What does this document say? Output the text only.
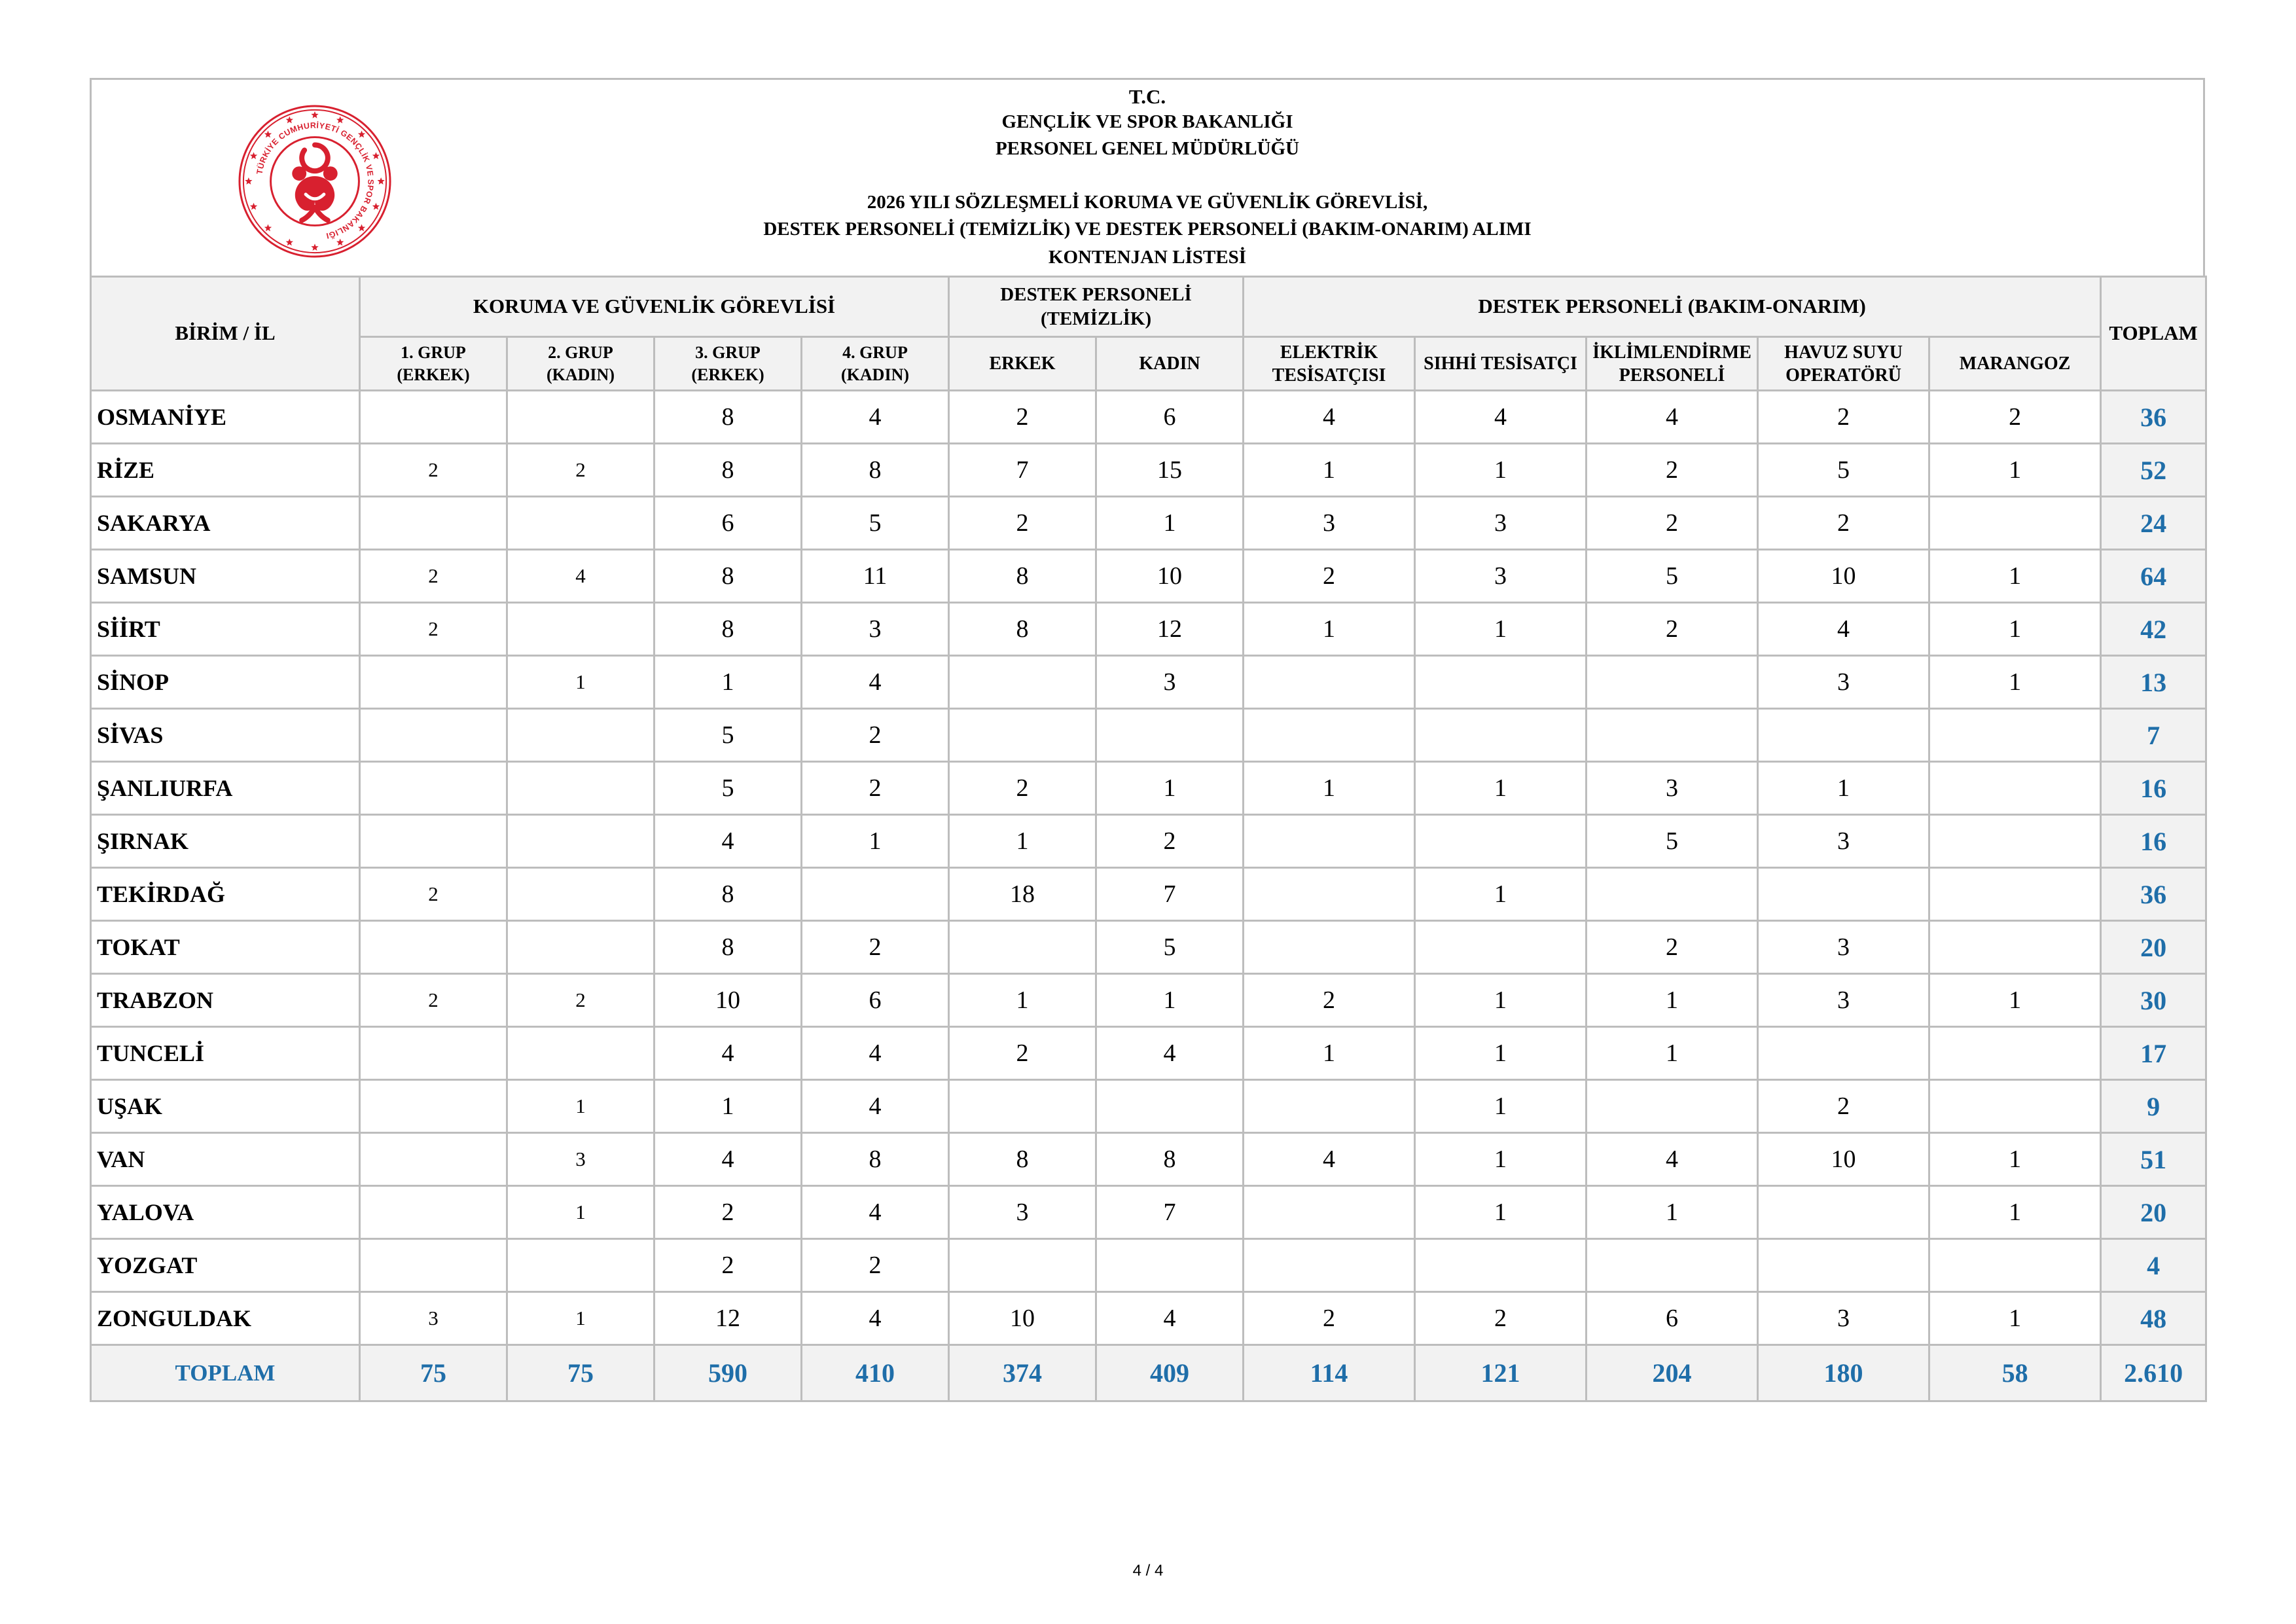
TÜRKİYE CUMHURİYETİ GENÇLİK VE SPOR BAKANLIĞI
T.C.
GENÇLİK VE SPOR BAKANLIĞI
PERSONEL GENEL MÜDÜRLÜĞÜ
2026 YILI SÖZLEŞMELİ KORUMA VE GÜVENLİK GÖREVLİSİ,
DESTEK PERSONELİ (TEMİZLİK) VE DESTEK PERSONELİ (BAKIM-ONARIM) ALIMI
KONTENJAN LİSTESİ
BİRİM / İL	KORUMA VE GÜVENLİK GÖREVLİSİ				DESTEK PERSONELİ
(TEMİZLİK)		DESTEK PERSONELİ (BAKIM-ONARIM)					TOPLAM
	1. GRUP
(ERKEK)	2. GRUP
(KADIN)	3. GRUP
(ERKEK)	4. GRUP
(KADIN)	ERKEK	KADIN	ELEKTRİK
TESİSATÇISI	SIHHİ TESİSATÇI	İKLİMLENDİRME
PERSONELİ	HAVUZ SUYU
OPERATÖRÜ	MARANGOZ	
OSMANİYE			8	4	2	6	4	4	4	2	2	36
RİZE	2	2	8	8	7	15	1	1	2	5	1	52
SAKARYA			6	5	2	1	3	3	2	2		24
SAMSUN	2	4	8	11	8	10	2	3	5	10	1	64
SİİRT	2		8	3	8	12	1	1	2	4	1	42
SİNOP		1	1	4		3				3	1	13
SİVAS			5	2								7
ŞANLIURFA			5	2	2	1	1	1	3	1		16
ŞIRNAK			4	1	1	2			5	3		16
TEKİRDAĞ	2		8		18	7		1				36
TOKAT			8	2		5			2	3		20
TRABZON	2	2	10	6	1	1	2	1	1	3	1	30
TUNCELİ			4	4	2	4	1	1	1			17
UŞAK		1	1	4				1		2		9
VAN		3	4	8	8	8	4	1	4	10	1	51
YALOVA		1	2	4	3	7		1	1		1	20
YOZGAT			2	2								4
ZONGULDAK	3	1	12	4	10	4	2	2	6	3	1	48
TOPLAM	75	75	590	410	374	409	114	121	204	180	58	2.610
4 / 4
